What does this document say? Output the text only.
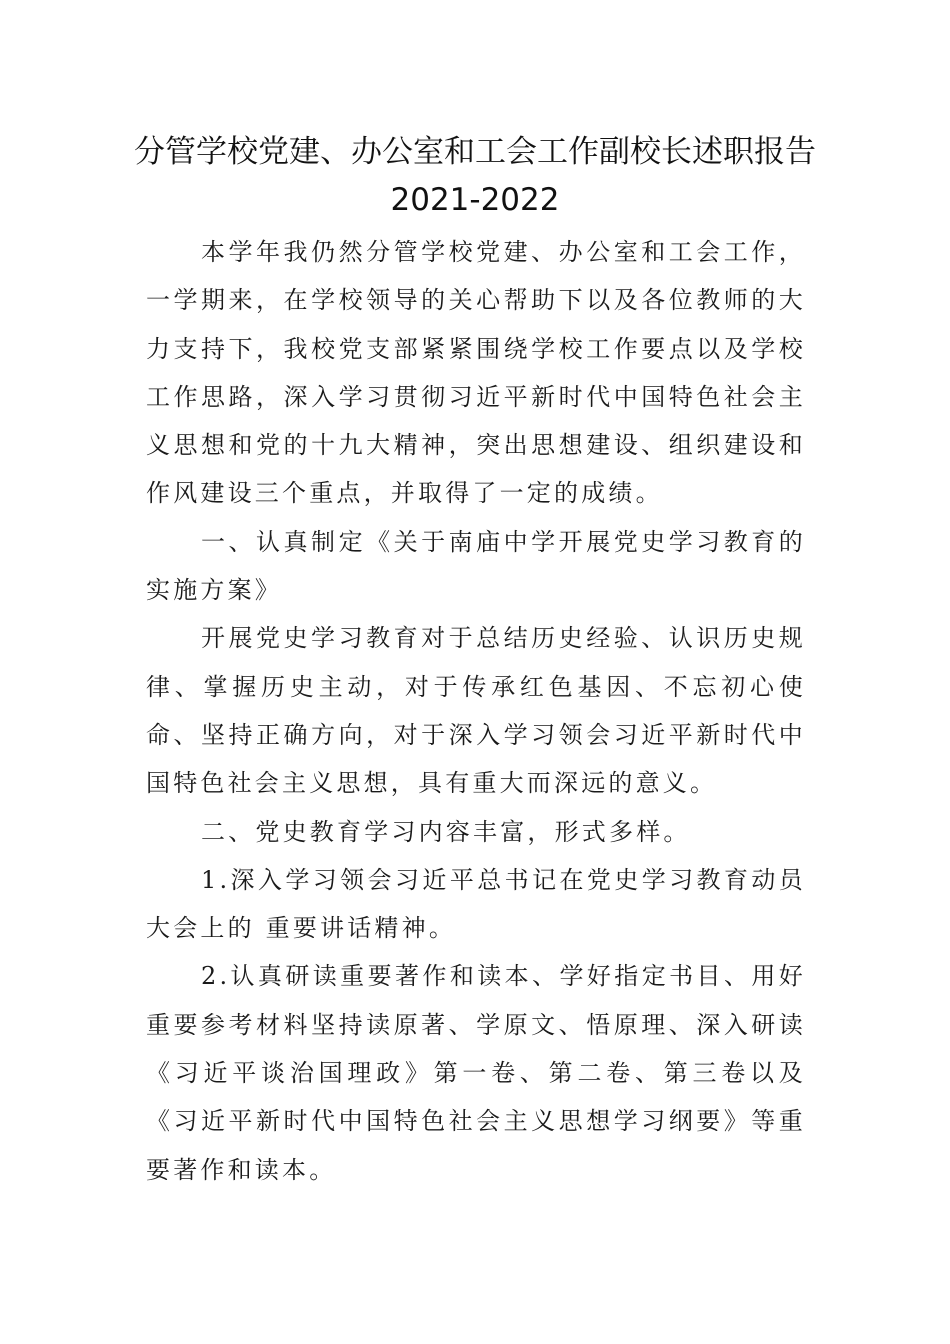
分管学校党建、办公室和工会工作副校长述职报告
2021-2022

本学年我仍然分管学校党建、办公室和工会工作，一学期来，在学校领导的关心帮助下以及各位教师的大力支持下，我校党支部紧紧围绕学校工作要点以及学校工作思路，深入学习贯彻习近平新时代中国特色社会主义思想和党的十九大精神，突出思想建设、组织建设和作风建设三个重点，并取得了一定的成绩。

一、认真制定《关于南庙中学开展党史学习教育的实施方案》

开展党史学习教育对于总结历史经验、认识历史规律、掌握历史主动，对于传承红色基因、不忘初心使命、坚持正确方向，对于深入学习领会习近平新时代中国特色社会主义思想，具有重大而深远的意义。

二、党史教育学习内容丰富，形式多样。

1.深入学习领会习近平总书记在党史学习教育动员大会上的 重要讲话精神。

2.认真研读重要著作和读本、学好指定书目、用好重要参考材料坚持读原著、学原文、悟原理、深入研读《习近平谈治国理政》第一卷、第二卷、第三卷以及《习近平新时代中国特色社会主义思想学习纲要》等重要著作和读本。
